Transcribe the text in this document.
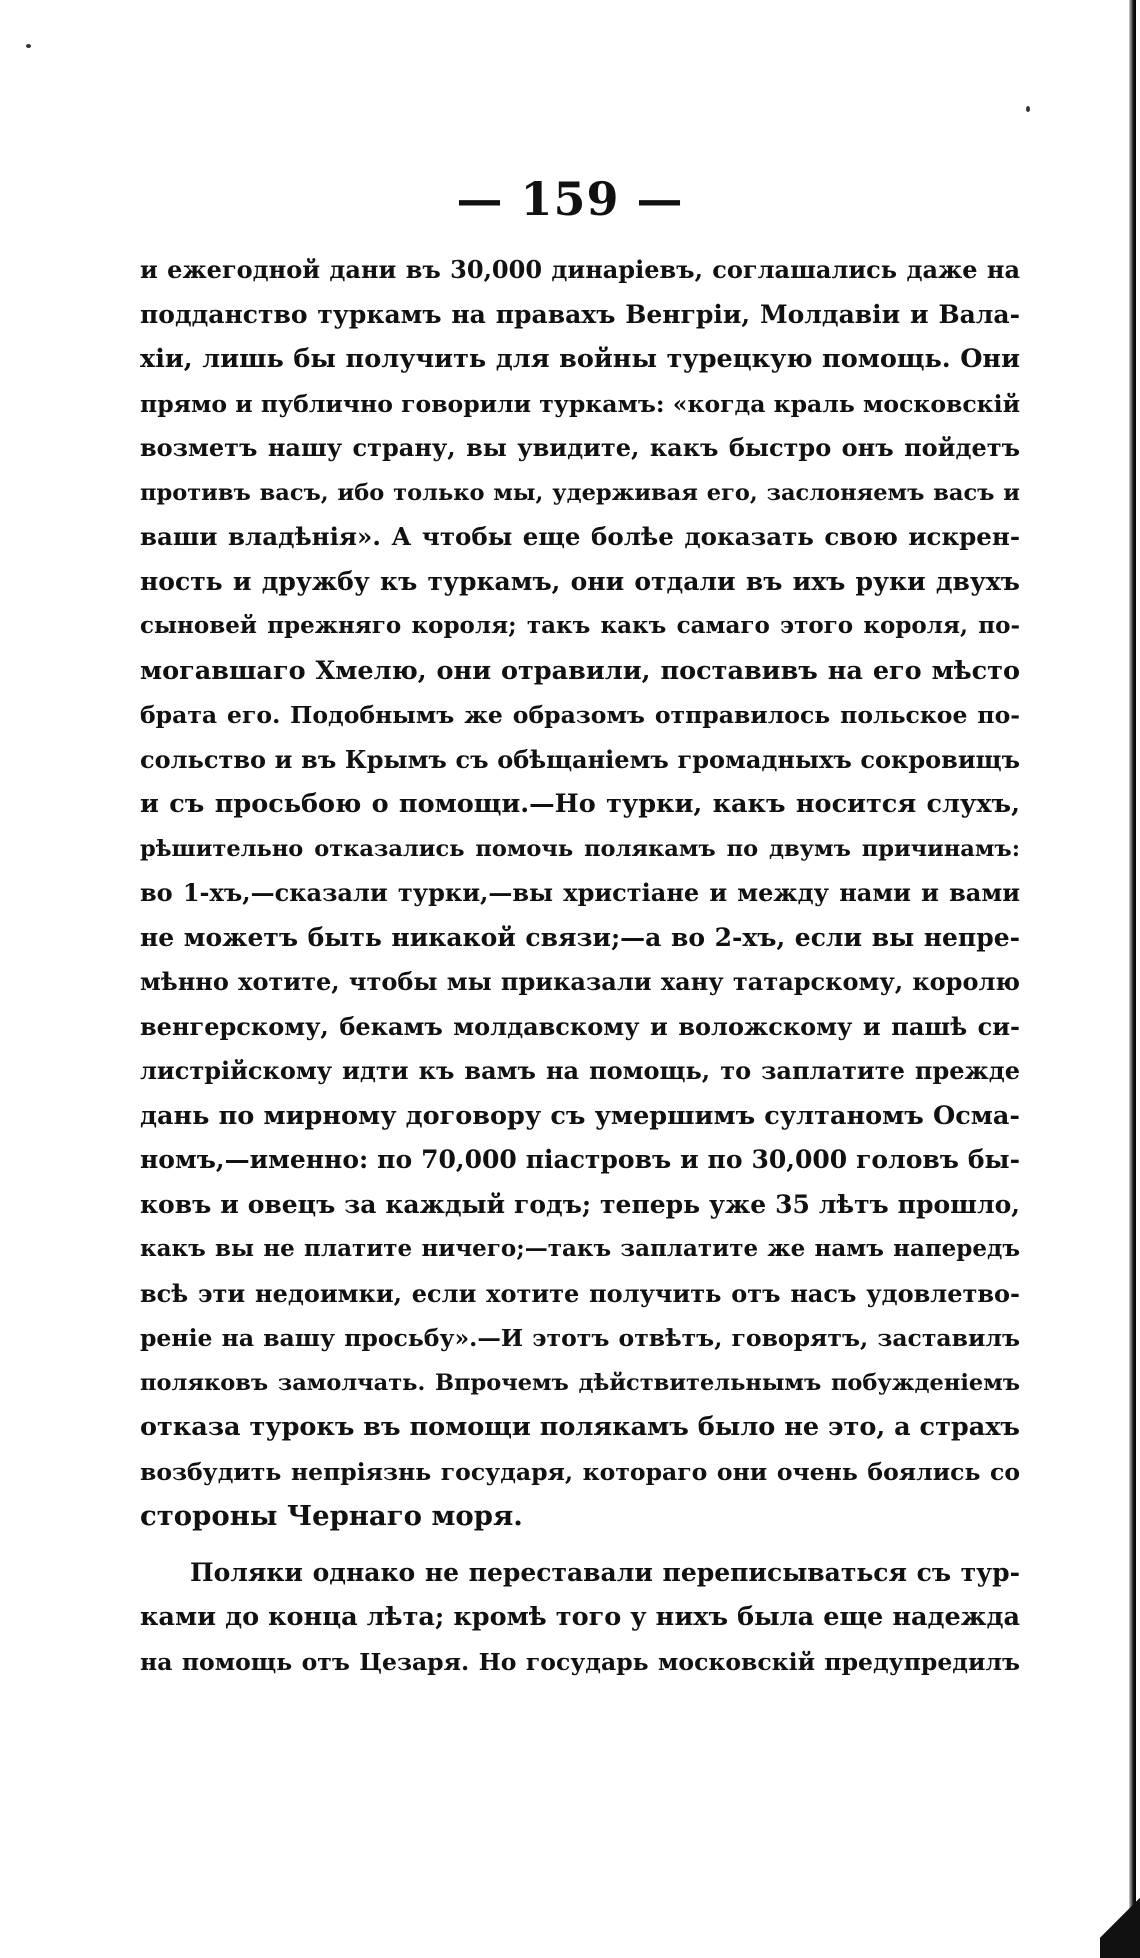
— 159 —
и ежегодной дани въ 30,000 динаріевъ, соглашались даже на
подданство туркамъ на правахъ Венгріи, Молдавіи и Вала-
хіи, лишь бы получить для войны турецкую помощь. Они
прямо и публично говорили туркамъ: «когда краль московскій
возметъ нашу страну, вы увидите, какъ быстро онъ пойдетъ
противъ васъ, ибо только мы, удерживая его, заслоняемъ васъ и
ваши владѣнія». А чтобы еще болѣе доказать свою искрен-
ность и дружбу къ туркамъ, они отдали въ ихъ руки двухъ
сыновей прежняго короля; такъ какъ самаго этого короля, по-
могавшаго Хмелю, они отравили, поставивъ на его мѣсто
брата его. Подобнымъ же образомъ отправилось польское по-
сольство и въ Крымъ съ обѣщаніемъ громадныхъ сокровищъ
и съ просьбою о помощи.—Но турки, какъ носится слухъ,
рѣшительно отказались помочь полякамъ по двумъ причинамъ:
во 1-хъ,—сказали турки,—вы христіане и между нами и вами
не можетъ быть никакой связи;—а во 2-хъ, если вы непре-
мѣнно хотите, чтобы мы приказали хану татарскому, королю
венгерскому, бекамъ молдавскому и воложскому и пашѣ си-
листрійскому идти къ вамъ на помощь, то заплатите прежде
дань по мирному договору съ умершимъ султаномъ Осма-
номъ,—именно: по 70,000 піастровъ и по 30,000 головъ бы-
ковъ и овецъ за каждый годъ; теперь уже 35 лѣтъ прошло,
какъ вы не платите ничего;—такъ заплатите же намъ напередъ
всѣ эти недоимки, если хотите получить отъ насъ удовлетво-
реніе на вашу просьбу».—И этотъ отвѣтъ, говорятъ, заставилъ
поляковъ замолчать. Впрочемъ дѣйствительнымъ побужденіемъ
отказа турокъ въ помощи полякамъ было не это, а страхъ
возбудить непріязнь государя, котораго они очень боялись со
стороны Чернаго моря.
Поляки однако не переставали переписываться съ тур-
ками до конца лѣта; кромѣ того у нихъ была еще надежда
на помощь отъ Цезаря. Но государь московскій предупредилъ
